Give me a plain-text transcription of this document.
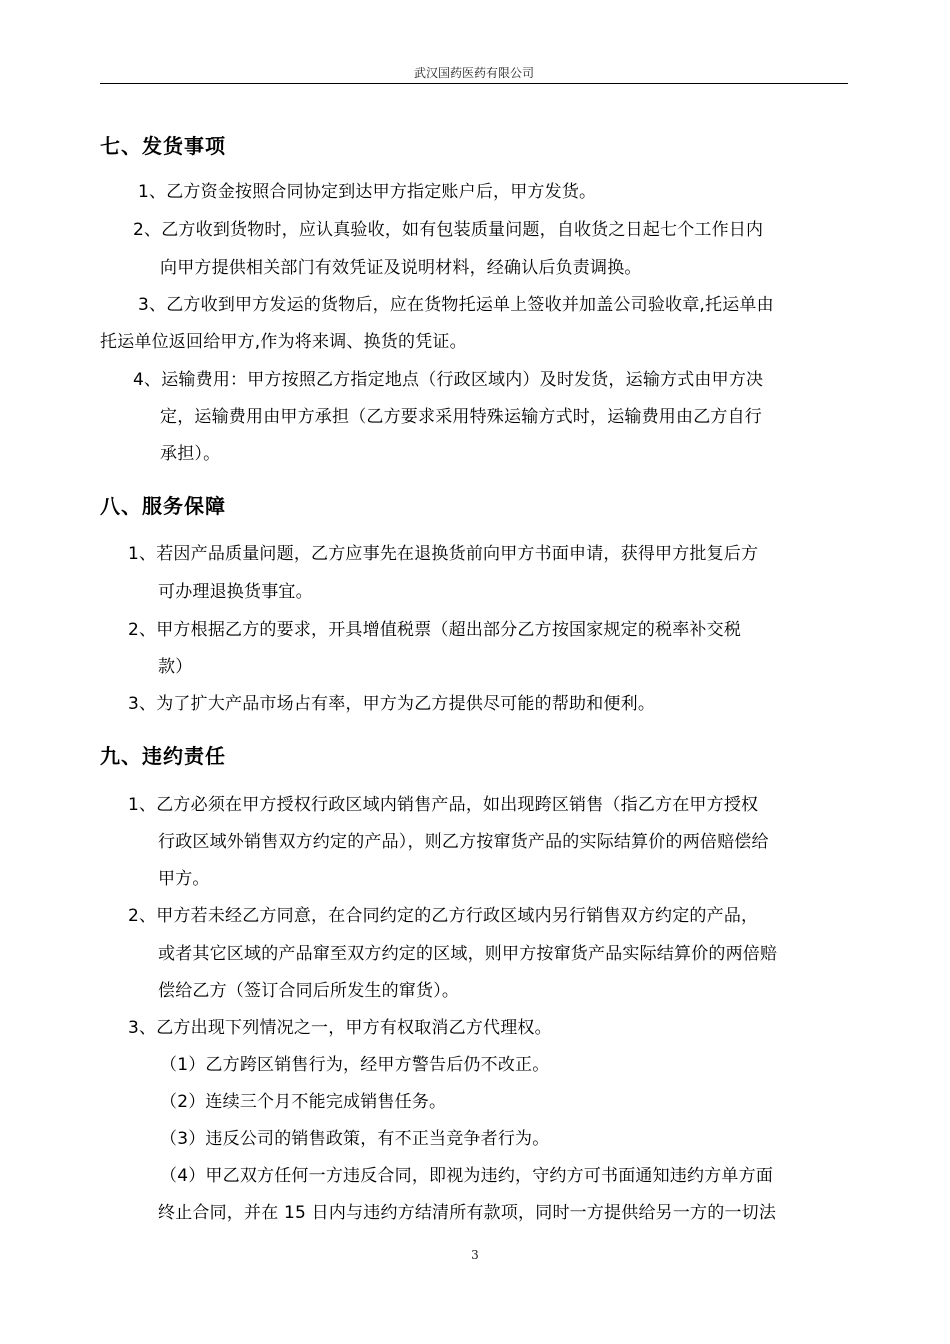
武汉国药医药有限公司
七、发货事项
1、乙方资金按照合同协定到达甲方指定账户后，甲方发货。
2、乙方收到货物时，应认真验收，如有包装质量问题，自收货之日起七个工作日内
向甲方提供相关部门有效凭证及说明材料，经确认后负责调换。
3、乙方收到甲方发运的货物后，应在货物托运单上签收并加盖公司验收章,托运单由
托运单位返回给甲方,作为将来调、换货的凭证。
4、运输费用：甲方按照乙方指定地点（行政区域内）及时发货，运输方式由甲方决
定，运输费用由甲方承担（乙方要求采用特殊运输方式时，运输费用由乙方自行
承担）。
八、服务保障
1、若因产品质量问题，乙方应事先在退换货前向甲方书面申请，获得甲方批复后方
可办理退换货事宜。
2、甲方根据乙方的要求，开具增值税票（超出部分乙方按国家规定的税率补交税
款）
3、为了扩大产品市场占有率，甲方为乙方提供尽可能的帮助和便利。
九、违约责任
1、乙方必须在甲方授权行政区域内销售产品，如出现跨区销售（指乙方在甲方授权
行政区域外销售双方约定的产品），则乙方按窜货产品的实际结算价的两倍赔偿给
甲方。
2、甲方若未经乙方同意，在合同约定的乙方行政区域内另行销售双方约定的产品，
或者其它区域的产品窜至双方约定的区域，则甲方按窜货产品实际结算价的两倍赔
偿给乙方（签订合同后所发生的窜货）。
3、乙方出现下列情况之一，甲方有权取消乙方代理权。
（1）乙方跨区销售行为，经甲方警告后仍不改正。
（2）连续三个月不能完成销售任务。
（3）违反公司的销售政策，有不正当竞争者行为。
（4）甲乙双方任何一方违反合同，即视为违约，守约方可书面通知违约方单方面
终止合同，并在 15 日内与违约方结清所有款项，同时一方提供给另一方的一切法
3
